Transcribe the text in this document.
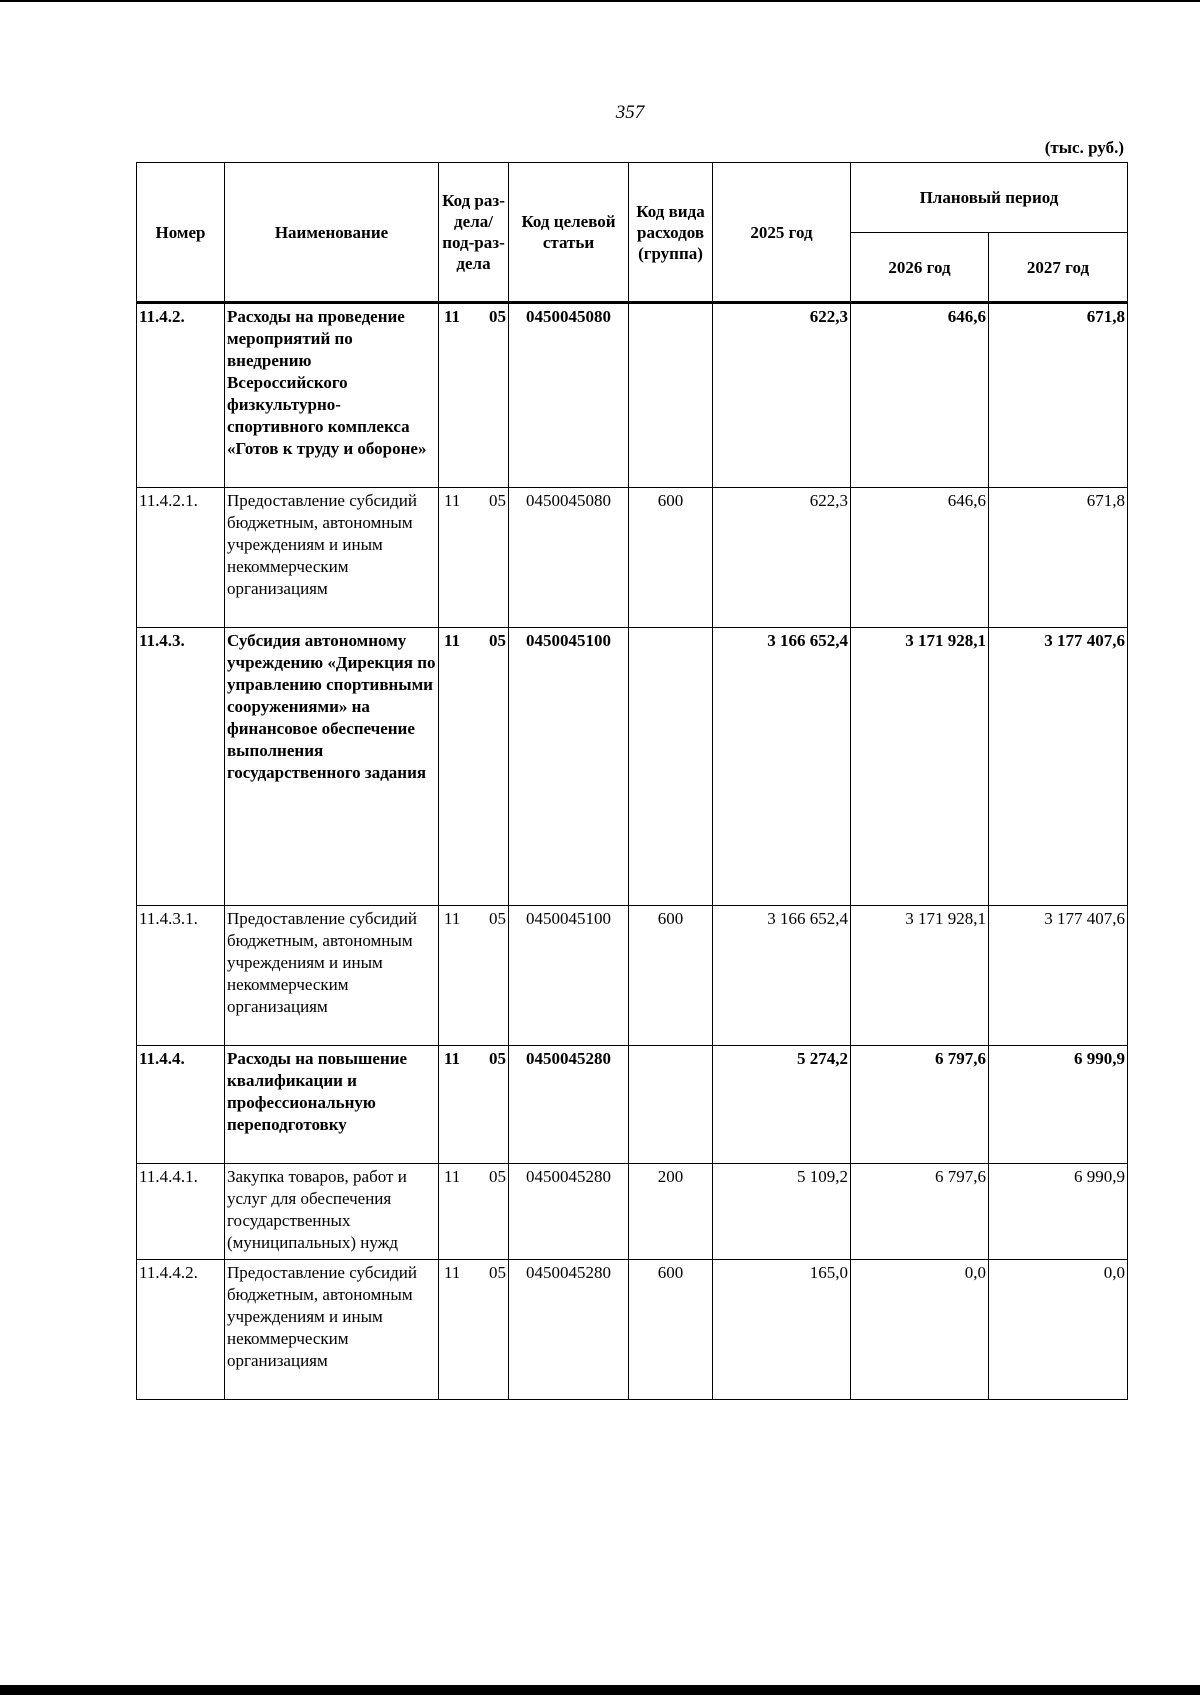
357
(тыс. руб.)
Номер	Наименование	Код раз-дела/ под-раз-дела	Код целевой статьи	Код вида расходов (группа)	2025 год	Плановый период	
						2026 год	2027 год
11.4.2.	Расходы на проведение мероприятий по внедрению Всероссийского физкультурно-спортивного комплекса «Готов к труду и обороне»	11 05	0450045080		622,3	646,6	671,8
11.4.2.1.	Предоставление субсидий бюджетным, автономным учреждениям и иным некоммерческим организациям	11 05	0450045080	600	622,3	646,6	671,8
11.4.3.	Субсидия автономному учреждению «Дирекция по управлению спортивными сооружениями» на финансовое обеспечение выполнения государственного задания	11 05	0450045100		3 166 652,4	3 171 928,1	3 177 407,6
11.4.3.1.	Предоставление субсидий бюджетным, автономным учреждениям и иным некоммерческим организациям	11 05	0450045100	600	3 166 652,4	3 171 928,1	3 177 407,6
11.4.4.	Расходы на повышение квалификации и профессиональную переподготовку	11 05	0450045280		5 274,2	6 797,6	6 990,9
11.4.4.1.	Закупка товаров, работ и услуг для обеспечения государственных (муниципальных) нужд	11 05	0450045280	200	5 109,2	6 797,6	6 990,9
11.4.4.2.	Предоставление субсидий бюджетным, автономным учреждениям и иным некоммерческим организациям	11 05	0450045280	600	165,0	0,0	0,0
